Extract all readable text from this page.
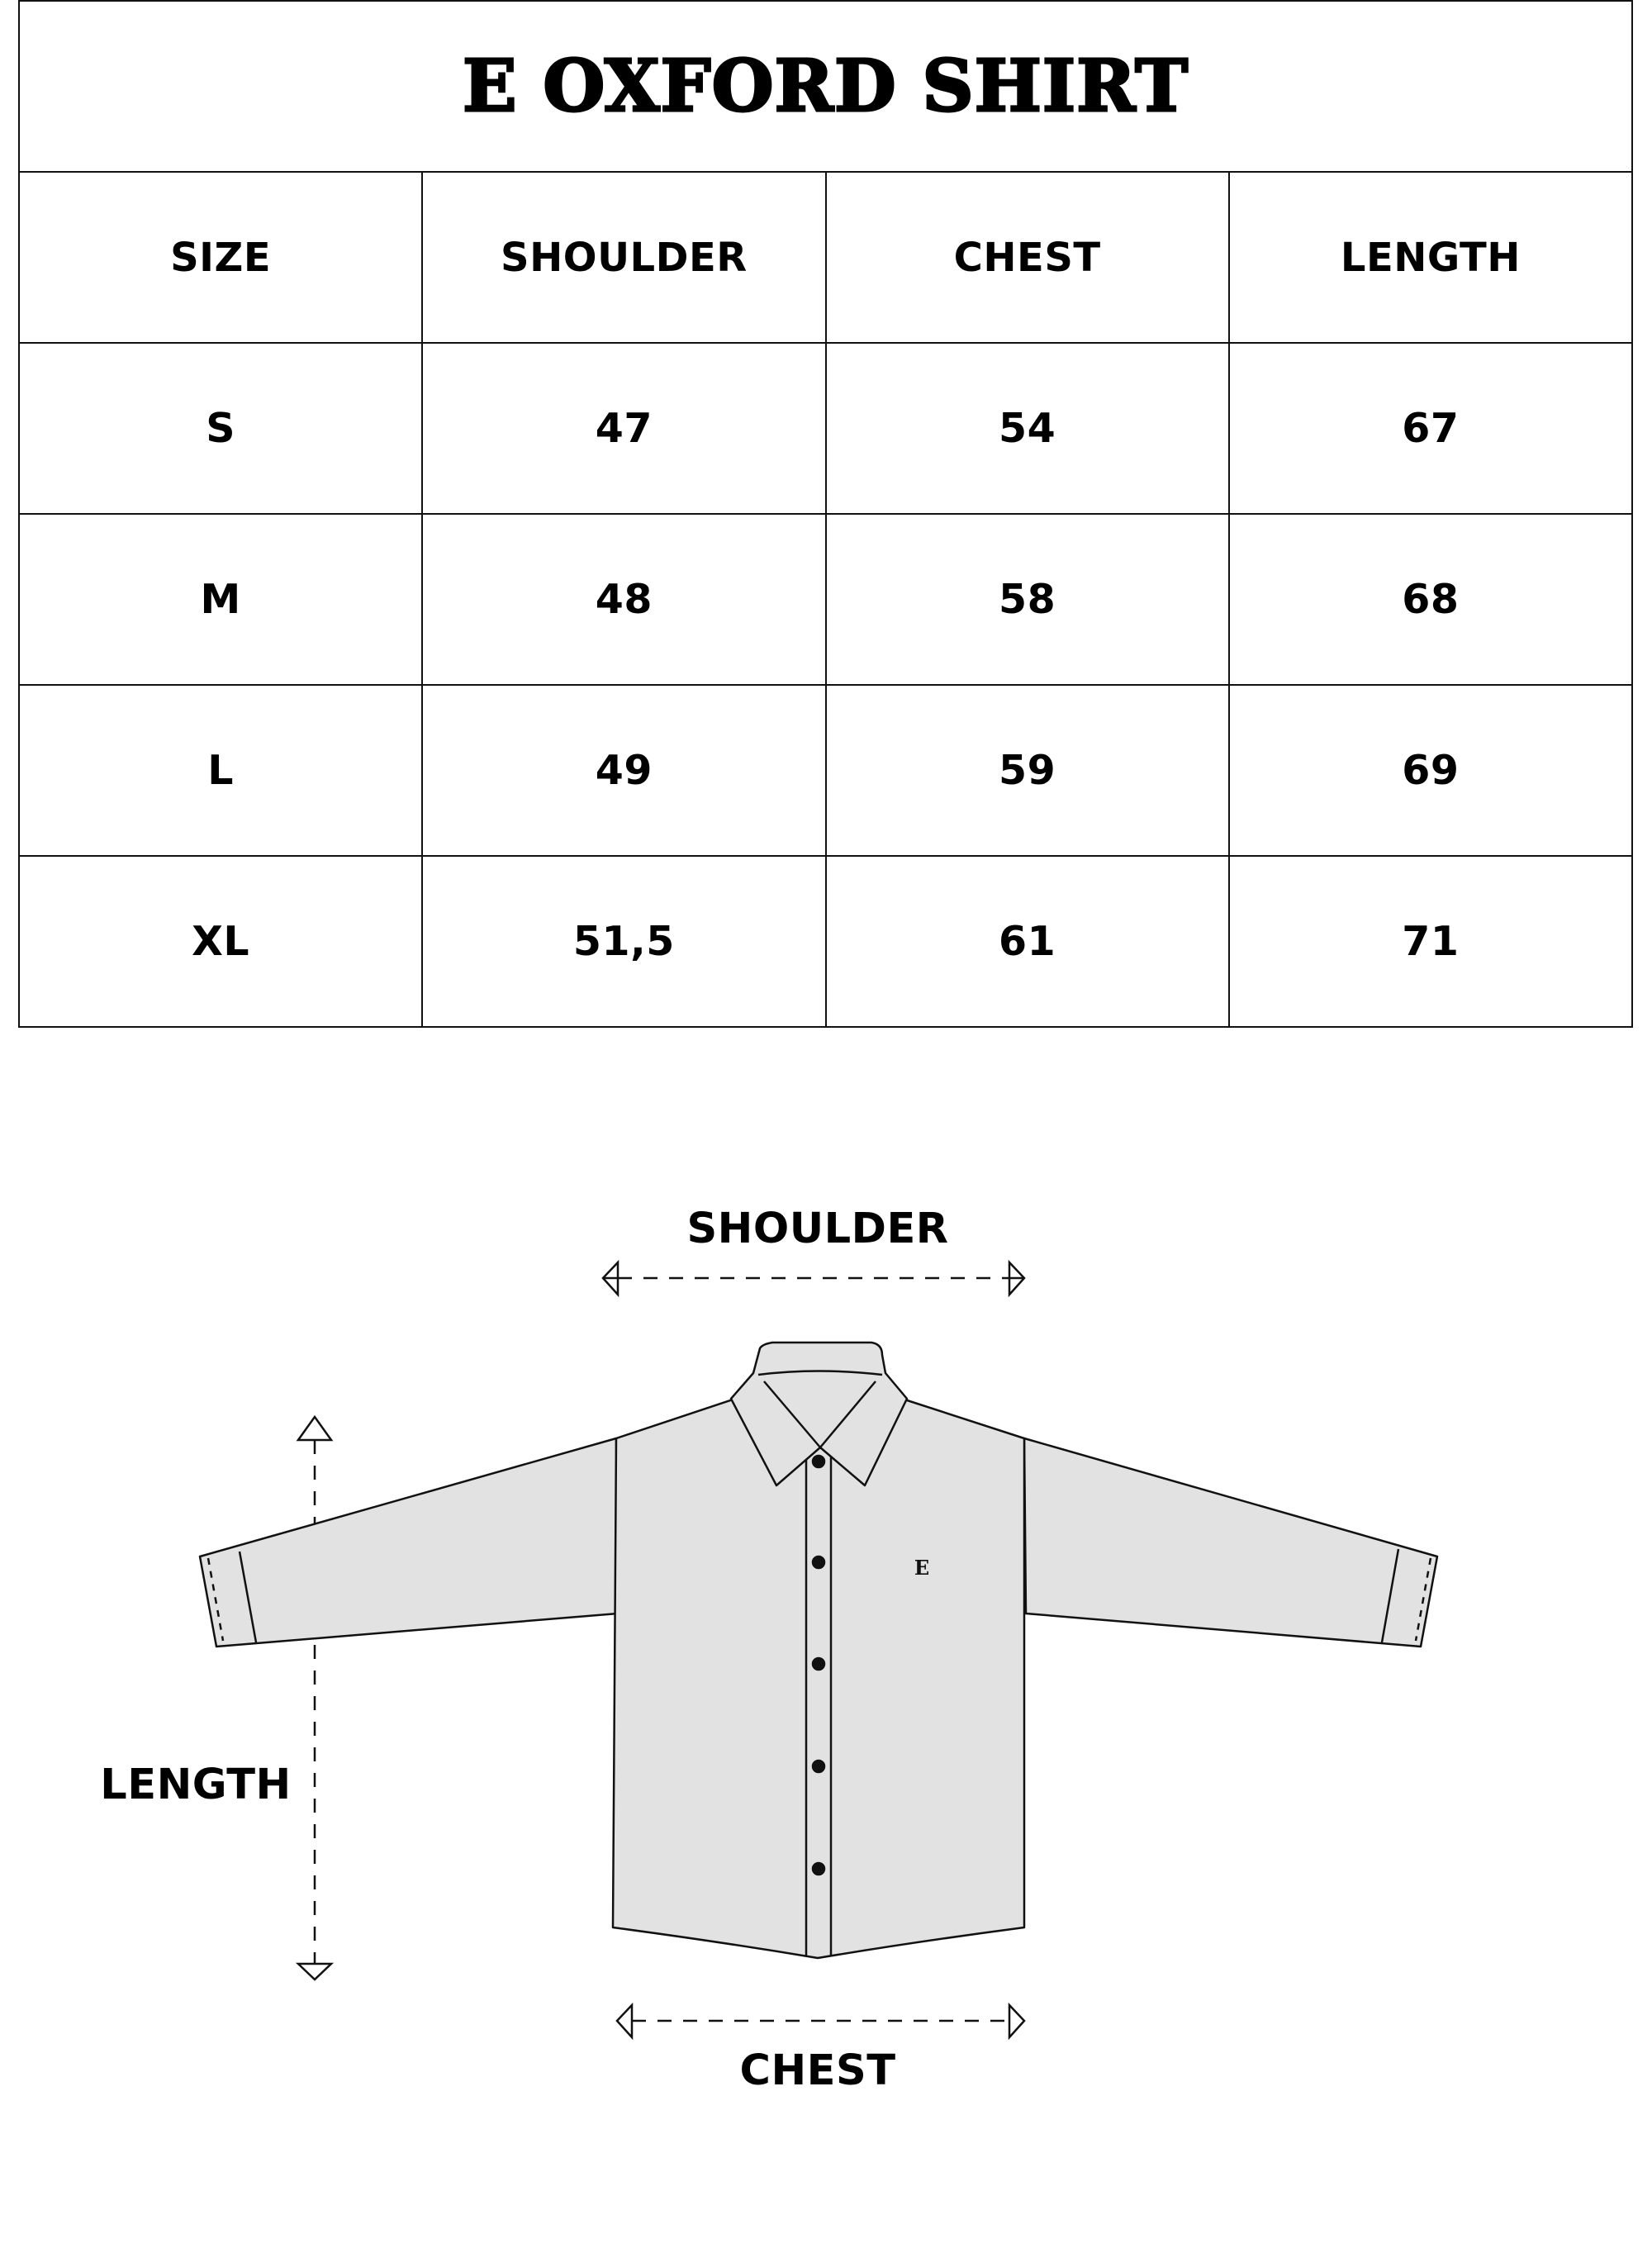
E OXFORD SHIRT			
SIZE	SHOULDER	CHEST	LENGTH
S	47	54	67
M	48	58	68
L	49	59	69
XL	51,5	61	71
SHOULDER
CHEST
LENGTH
E
